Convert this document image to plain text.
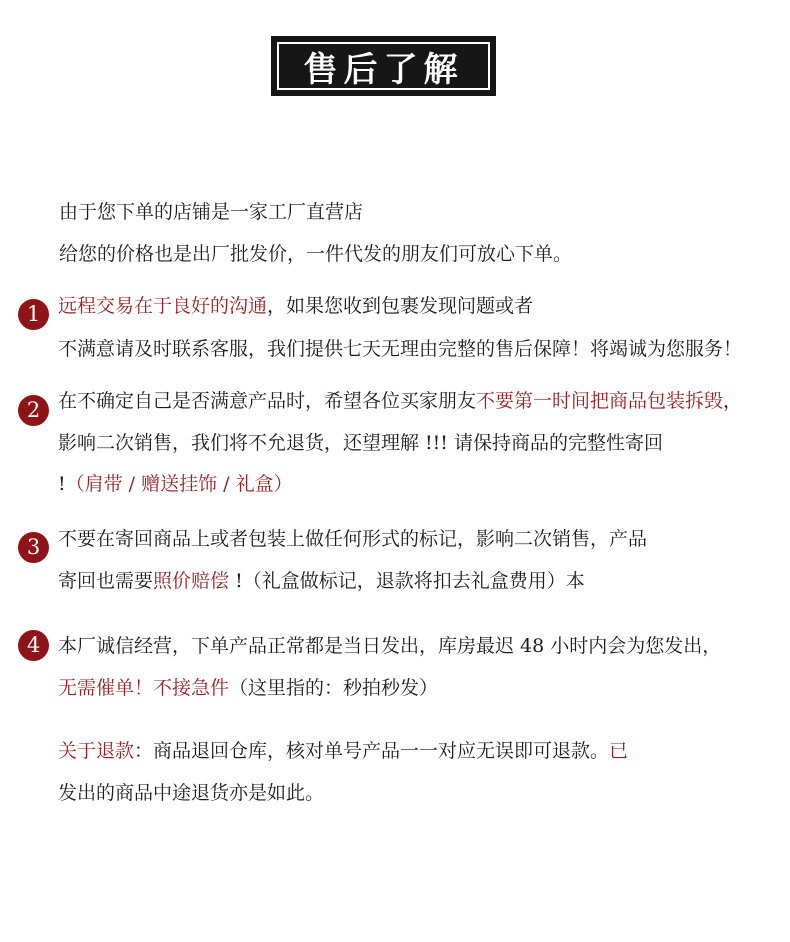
售后了解
由于您下单的店铺是一家工厂直营店
给您的价格也是出厂批发价，一件代发的朋友们可放心下单。
1 远程交易在于良好的沟通，如果您收到包裹发现问题或者
不满意请及时联系客服，我们提供七天无理由完整的售后保障！将竭诚为您服务！
2 在不确定自己是否满意产品时，希望各位买家朋友不要第一时间把商品包装拆毁，
影响二次销售，我们将不允退货，还望理解 !!! 请保持商品的完整性寄回
!（肩带 / 赠送挂饰 / 礼盒）
3 不要在寄回商品上或者包装上做任何形式的标记，影响二次销售，产品
寄回也需要照价赔偿 !（礼盒做标记，退款将扣去礼盒费用）本
4 本厂诚信经营，下单产品正常都是当日发出，库房最迟 48 小时内会为您发出，
无需催单！不接急件（这里指的：秒拍秒发）
关于退款：商品退回仓库，核对单号产品一一对应无误即可退款。已
发出的商品中途退货亦是如此。
